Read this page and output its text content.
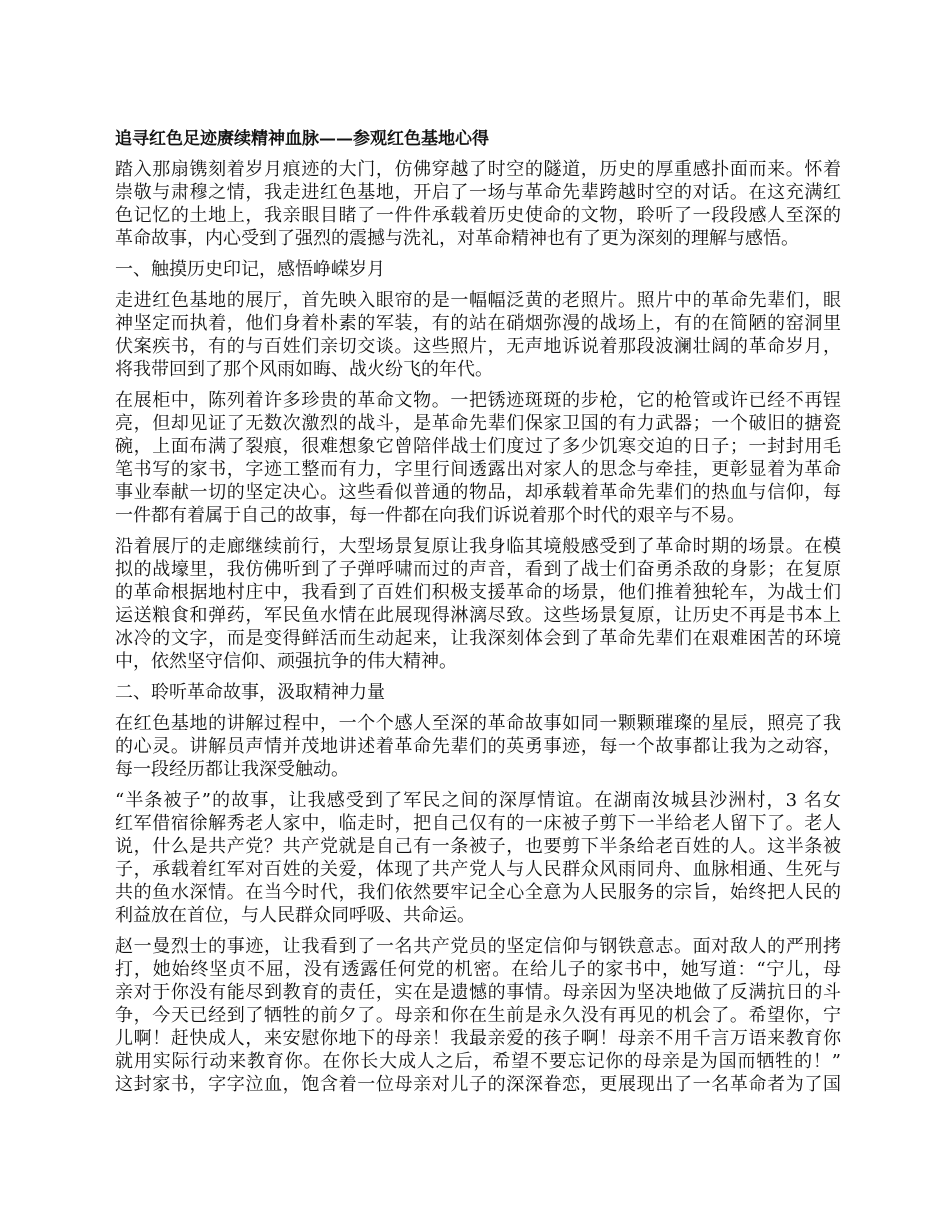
追寻红色足迹赓续精神血脉——参观红色基地心得
踏入那扇镌刻着岁月痕迹的大门，仿佛穿越了时空的隧道，历史的厚重感扑面而来。怀着
崇敬与肃穆之情，我走进红色基地，开启了一场与革命先辈跨越时空的对话。在这充满红
色记忆的土地上，我亲眼目睹了一件件承载着历史使命的文物，聆听了一段段感人至深的
革命故事，内心受到了强烈的震撼与洗礼，对革命精神也有了更为深刻的理解与感悟。
一、触摸历史印记，感悟峥嵘岁月
走进红色基地的展厅，首先映入眼帘的是一幅幅泛黄的老照片。照片中的革命先辈们，眼
神坚定而执着，他们身着朴素的军装，有的站在硝烟弥漫的战场上，有的在简陋的窑洞里
伏案疾书，有的与百姓们亲切交谈。这些照片，无声地诉说着那段波澜壮阔的革命岁月，
将我带回到了那个风雨如晦、战火纷飞的年代。
在展柜中，陈列着许多珍贵的革命文物。一把锈迹斑斑的步枪，它的枪管或许已经不再锃
亮，但却见证了无数次激烈的战斗，是革命先辈们保家卫国的有力武器；一个破旧的搪瓷
碗，上面布满了裂痕，很难想象它曾陪伴战士们度过了多少饥寒交迫的日子；一封封用毛
笔书写的家书，字迹工整而有力，字里行间透露出对家人的思念与牵挂，更彰显着为革命
事业奉献一切的坚定决心。这些看似普通的物品，却承载着革命先辈们的热血与信仰，每
一件都有着属于自己的故事，每一件都在向我们诉说着那个时代的艰辛与不易。
沿着展厅的走廊继续前行，大型场景复原让我身临其境般感受到了革命时期的场景。在模
拟的战壕里，我仿佛听到了子弹呼啸而过的声音，看到了战士们奋勇杀敌的身影；在复原
的革命根据地村庄中，我看到了百姓们积极支援革命的场景，他们推着独轮车，为战士们
运送粮食和弹药，军民鱼水情在此展现得淋漓尽致。这些场景复原，让历史不再是书本上
冰冷的文字，而是变得鲜活而生动起来，让我深刻体会到了革命先辈们在艰难困苦的环境
中，依然坚守信仰、顽强抗争的伟大精神。
二、聆听革命故事，汲取精神力量
在红色基地的讲解过程中，一个个感人至深的革命故事如同一颗颗璀璨的星辰，照亮了我
的心灵。讲解员声情并茂地讲述着革命先辈们的英勇事迹，每一个故事都让我为之动容，
每一段经历都让我深受触动。
“半条被子”的故事，让我感受到了军民之间的深厚情谊。在湖南汝城县沙洲村，3 名女
红军借宿徐解秀老人家中，临走时，把自己仅有的一床被子剪下一半给老人留下了。老人
说，什么是共产党？共产党就是自己有一条被子，也要剪下半条给老百姓的人。这半条被
子，承载着红军对百姓的关爱，体现了共产党人与人民群众风雨同舟、血脉相通、生死与
共的鱼水深情。在当今时代，我们依然要牢记全心全意为人民服务的宗旨，始终把人民的
利益放在首位，与人民群众同呼吸、共命运。
赵一曼烈士的事迹，让我看到了一名共产党员的坚定信仰与钢铁意志。面对敌人的严刑拷
打，她始终坚贞不屈，没有透露任何党的机密。在给儿子的家书中，她写道：“宁儿，母
亲对于你没有能尽到教育的责任，实在是遗憾的事情。母亲因为坚决地做了反满抗日的斗
争，今天已经到了牺牲的前夕了。母亲和你在生前是永久没有再见的机会了。希望你，宁
儿啊！赶快成人，来安慰你地下的母亲！我最亲爱的孩子啊！母亲不用千言万语来教育你
就用实际行动来教育你。在你长大成人之后，希望不要忘记你的母亲是为国而牺牲的！”
这封家书，字字泣血，饱含着一位母亲对儿子的深深眷恋，更展现出了一名革命者为了国
